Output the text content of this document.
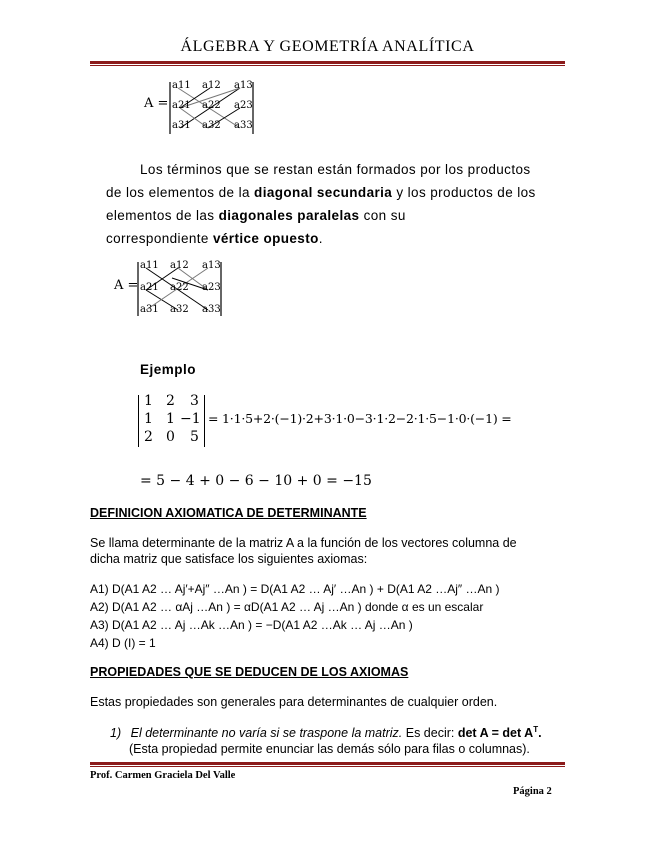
ÁLGEBRA Y GEOMETRÍA ANALÍTICA
A =
a11 a12 a13
a21 a22 a23
a31 a32 a33
Los términos que se restan están formados por los productos
de los elementos de la diagonal secundaria y los productos de los
elementos de las diagonales paralelas con su
correspondiente vértice opuesto.
A =
a11 a12 a13
a21 a22 a23
a31 a32 a33
Ejemplo
1 2 3
1 1 −1
2 0 5
= 1·1·5+2·(−1)·2+3·1·0−3·1·2−2·1·5−1·0·(−1) =
= 5 − 4 + 0 − 6 − 10 + 0 = −15
DEFINICION AXIOMATICA DE DETERMINANTE
Se llama determinante de la matriz A a la función de los vectores columna de
dicha matriz que satisface los siguientes axiomas:
A1) D(A1 A2 … Aj′+Aj″ …An ) = D(A1 A2 … Aj′ …An ) + D(A1 A2 …Aj″ …An )
A2) D(A1 A2 … αAj …An ) = αD(A1 A2 … Aj …An ) donde α es un escalar
A3) D(A1 A2 … Aj …Ak …An ) = −D(A1 A2 …Ak … Aj …An )
A4) D (I) = 1
PROPIEDADES QUE SE DEDUCEN DE LOS AXIOMAS
Estas propiedades son generales para determinantes de cualquier orden.
1) El determinante no varía si se traspone la matriz. Es decir: $\det A = \det A^T$.
(Esta propiedad permite enunciar las demás sólo para filas o columnas).
Prof. Carmen Graciela Del Valle
Página 2
